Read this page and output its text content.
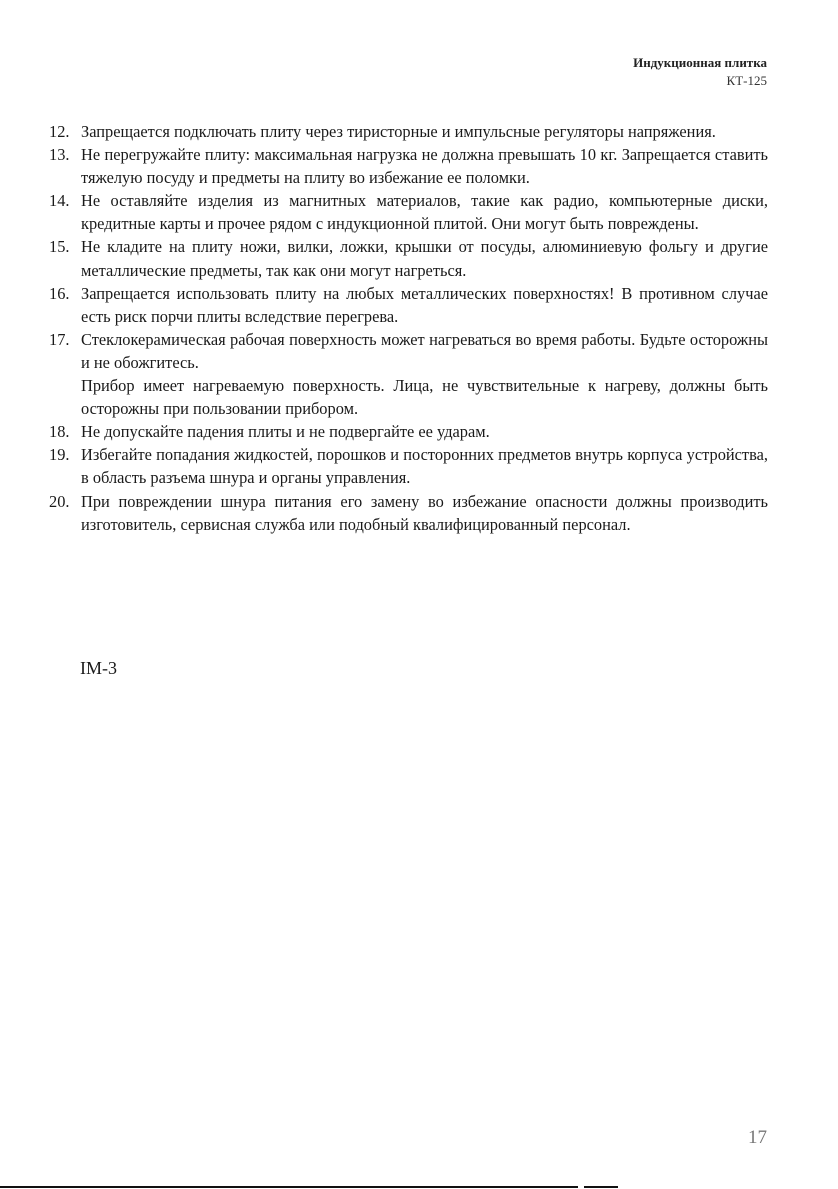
Индукционная плитка
КТ-125
12. Запрещается подключать плиту через тиристорные и импульсные регуляторы напряжения.
13. Не перегружайте плиту: максимальная нагрузка не должна превышать 10 кг. Запрещается ставить тяжелую посуду и предметы на плиту во избежание ее поломки.
14. Не оставляйте изделия из магнитных материалов, такие как радио, компьютерные диски, кредитные карты и прочее рядом с индукционной плитой. Они могут быть повреждены.
15. Не кладите на плиту ножи, вилки, ложки, крышки от посуды, алюминиевую фольгу и другие металлические предметы, так как они могут нагреться.
16. Запрещается использовать плиту на любых металлических поверхностях! В противном случае есть риск порчи плиты вследствие перегрева.
17. Стеклокерамическая рабочая поверхность может нагреваться во время работы. Будьте осторожны и не обожгитесь.
Прибор имеет нагреваемую поверхность. Лица, не чувствительные к нагреву, должны быть осторожны при пользовании прибором.
18. Не допускайте падения плиты и не подвергайте ее ударам.
19. Избегайте попадания жидкостей, порошков и посторонних предметов внутрь корпуса устройства, в область разъема шнура и органы управления.
20. При повреждении шнура питания его замену во избежание опасности должны производить изготовитель, сервисная служба или подобный квалифицированный персонал.
IM-3
17
